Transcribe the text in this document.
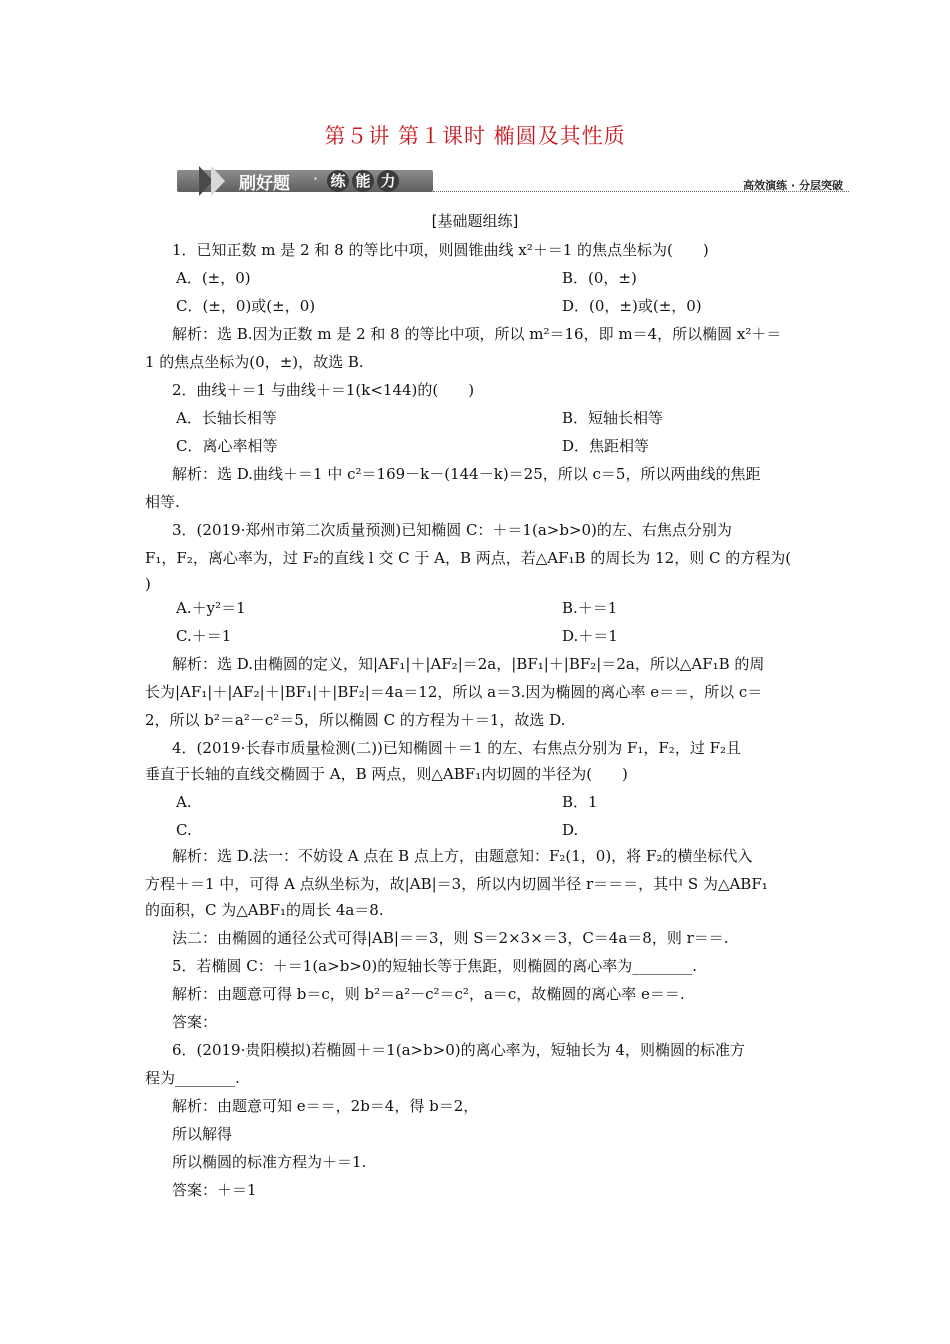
第５讲 第１课时 椭圆及其性质
刷好题 · 练 能 力	高效演练 · 分层突破
[基础题组练]
1．已知正数 m 是 2 和 8 的等比中项，则圆锥曲线 x²＋＝1 的焦点坐标为(　　)
A．(±，0)	B．(0，±)
C．(±，0)或(±，0)	D．(0，±)或(±，0)
解析：选 B.因为正数 m 是 2 和 8 的等比中项，所以 m²＝16，即 m＝4，所以椭圆 x²＋＝
1 的焦点坐标为(0，±)，故选 B.
2．曲线＋＝1 与曲线＋＝1(k<144)的(　　)
A．长轴长相等	B．短轴长相等
C．离心率相等	D．焦距相等
解析：选 D.曲线＋＝1 中 c²＝169－k－(144－k)＝25，所以 c＝5，所以两曲线的焦距
相等.
3．(2019·郑州市第二次质量预测)已知椭圆 C：＋＝1(a>b>0)的左、右焦点分别为
F₁，F₂，离心率为，过 F₂的直线 l 交 C 于 A，B 两点，若△AF₁B 的周长为 12，则 C 的方程为(
)
A.＋y²＝1	B.＋＝1
C.＋＝1	D.＋＝1
解析：选 D.由椭圆的定义，知|AF₁|＋|AF₂|＝2a，|BF₁|＋|BF₂|＝2a，所以△AF₁B 的周
长为|AF₁|＋|AF₂|＋|BF₁|＋|BF₂|＝4a＝12，所以 a＝3.因为椭圆的离心率 e＝＝，所以 c＝
2，所以 b²＝a²－c²＝5，所以椭圆 C 的方程为＋＝1，故选 D.
4．(2019·长春市质量检测(二))已知椭圆＋＝1 的左、右焦点分别为 F₁，F₂，过 F₂且
垂直于长轴的直线交椭圆于 A，B 两点，则△ABF₁内切圆的半径为(　　)
A.	B．1
C.	D.
解析：选 D.法一：不妨设 A 点在 B 点上方，由题意知：F₂(1，0)，将 F₂的横坐标代入
方程＋＝1 中，可得 A 点纵坐标为，故|AB|＝3，所以内切圆半径 r＝＝＝，其中 S 为△ABF₁
的面积，C 为△ABF₁的周长 4a＝8.
法二：由椭圆的通径公式可得|AB|＝＝3，则 S＝2×3×＝3，C＝4a＝8，则 r＝＝.
5．若椭圆 C：＋＝1(a>b>0)的短轴长等于焦距，则椭圆的离心率为________.
解析：由题意可得 b＝c，则 b²＝a²－c²＝c²，a＝c，故椭圆的离心率 e＝＝.
答案：
6．(2019·贵阳模拟)若椭圆＋＝1(a>b>0)的离心率为，短轴长为 4，则椭圆的标准方
程为________.
解析：由题意可知 e＝＝，2b＝4，得 b＝2，
所以解得
所以椭圆的标准方程为＋＝1.
答案：＋＝1
